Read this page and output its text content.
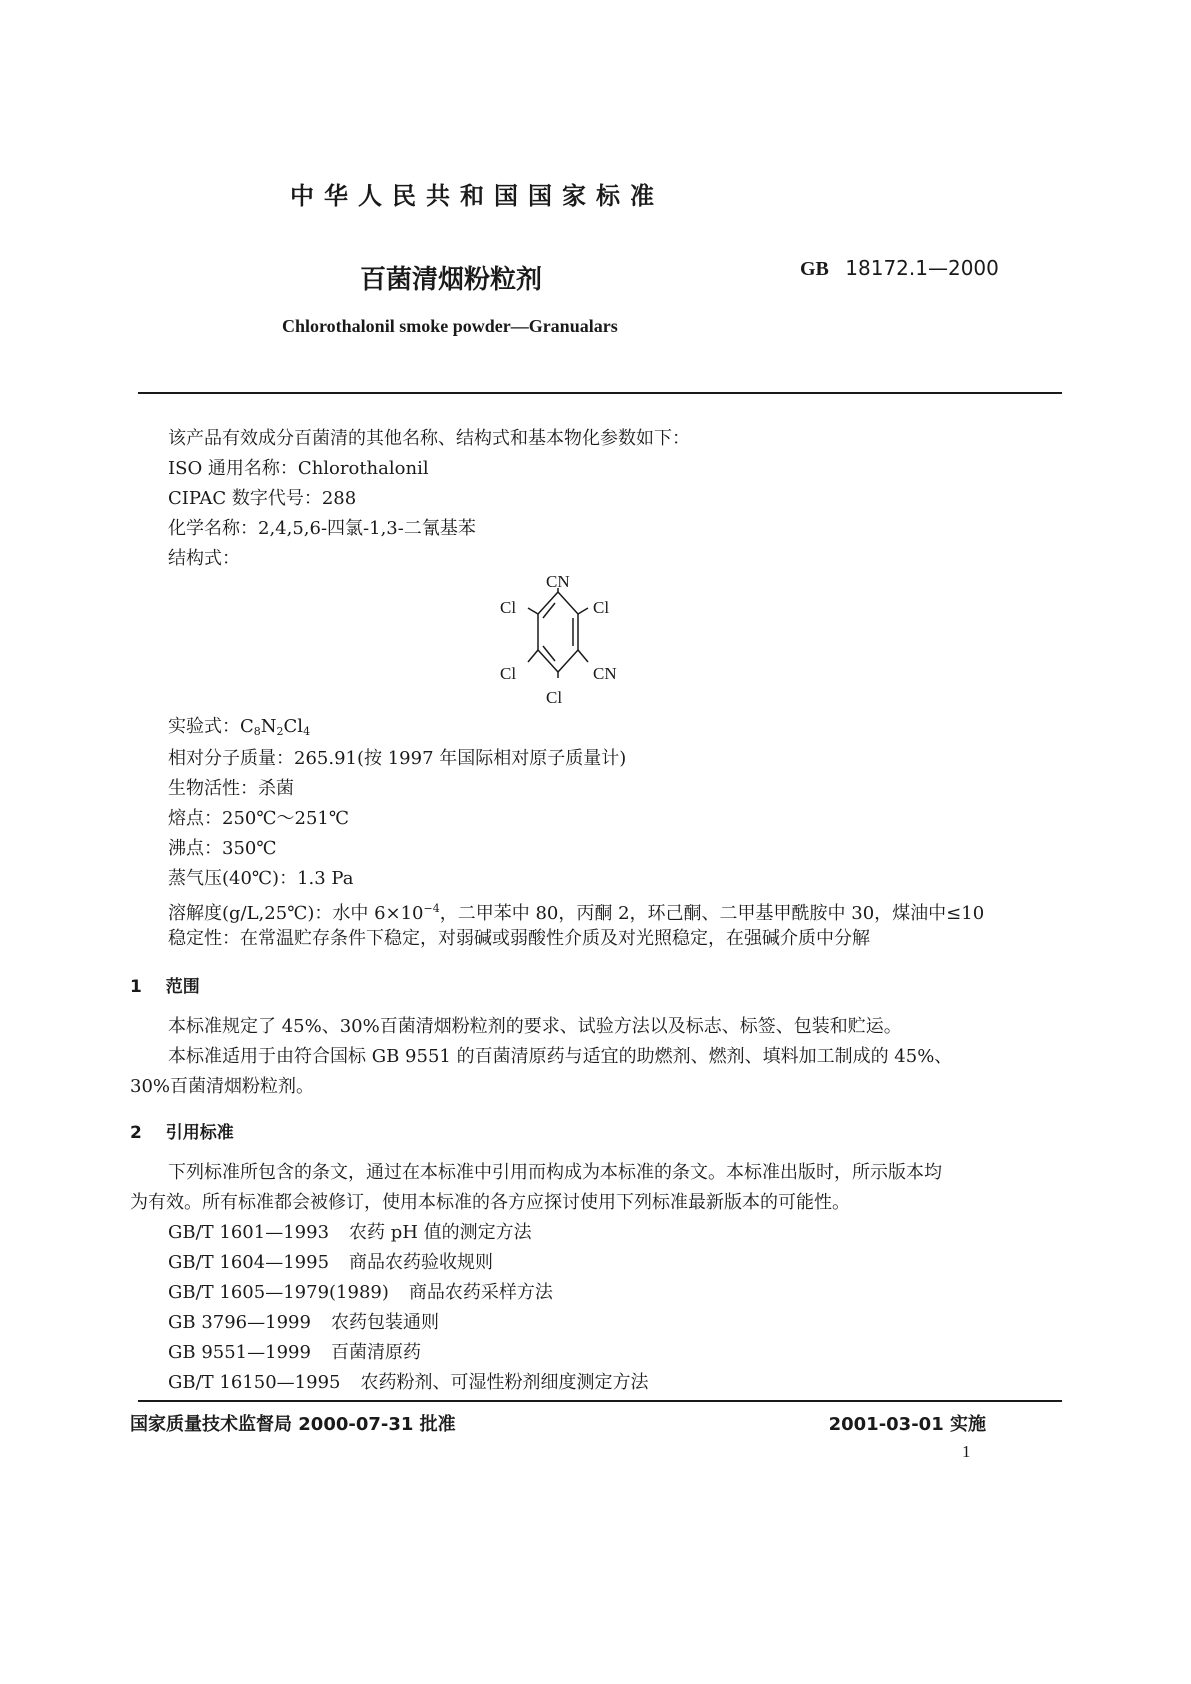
中华人民共和国国家标准
百菌清烟粉粒剂	GB 18172.1—2000
Chlorothalonil smoke powder—Granualars
该产品有效成分百菌清的其他名称、结构式和基本物化参数如下：
ISO 通用名称：Chlorothalonil
CIPAC 数字代号：288
化学名称：2,4,5,6-四氯-1,3-二氰基苯
结构式：
CN
Cl	Cl
Cl	CN
Cl
实验式：$C_8N_2Cl_4$
相对分子质量：265.91(按 1997 年国际相对原子质量计)
生物活性：杀菌
熔点：250℃～251℃
沸点：350℃
蒸气压(40℃)：1.3 Pa
溶解度(g/L,25℃)：水中 $6\times 10^{-4}$，二甲苯中 80，丙酮 2，环己酮、二甲基甲酰胺中 30，煤油中≤10
稳定性：在常温贮存条件下稳定，对弱碱或弱酸性介质及对光照稳定，在强碱介质中分解
1 范围
本标准规定了 45%、30%百菌清烟粉粒剂的要求、试验方法以及标志、标签、包装和贮运。
本标准适用于由符合国标 GB 9551 的百菌清原药与适宜的助燃剂、燃剂、填料加工制成的 45%、
30%百菌清烟粉粒剂。
2 引用标准
下列标准所包含的条文，通过在本标准中引用而构成为本标准的条文。本标准出版时，所示版本均
为有效。所有标准都会被修订，使用本标准的各方应探讨使用下列标准最新版本的可能性。
GB/T 1601—1993 农药 pH 值的测定方法
GB/T 1604—1995 商品农药验收规则
GB/T 1605—1979(1989) 商品农药采样方法
GB 3796—1999 农药包装通则
GB 9551—1999 百菌清原药
GB/T 16150—1995 农药粉剂、可湿性粉剂细度测定方法
国家质量技术监督局 2000-07-31 批准	2001-03-01 实施
1
